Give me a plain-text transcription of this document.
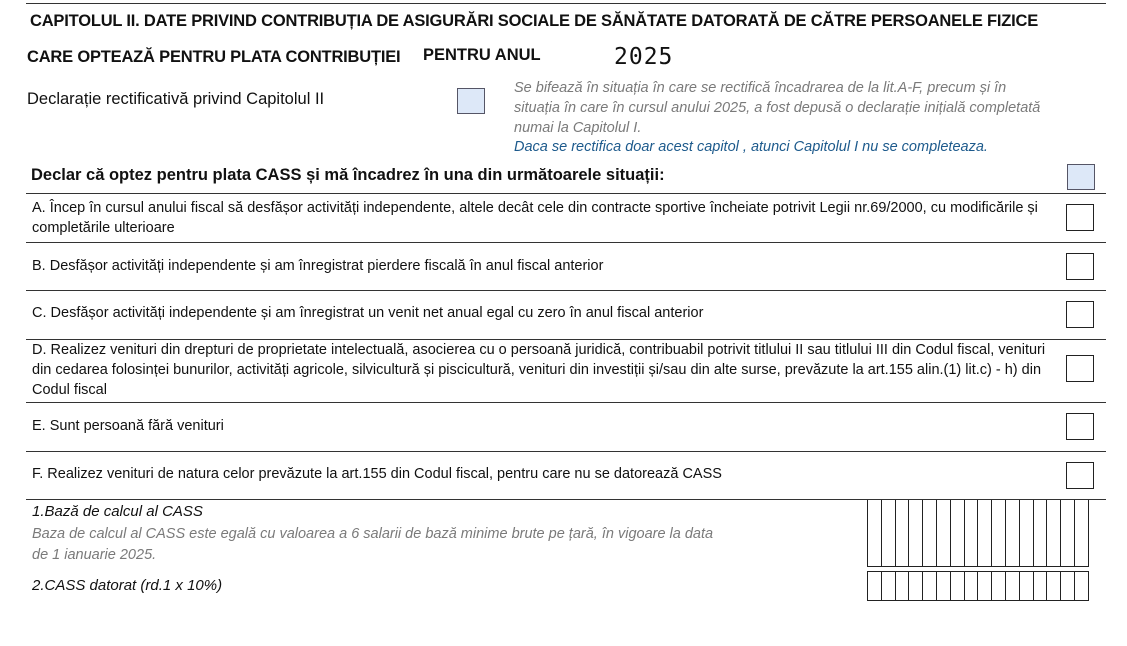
CAPITOLUL II. DATE PRIVIND CONTRIBUȚIA DE ASIGURĂRI SOCIALE DE SĂNĂTATE DATORATĂ DE CĂTRE PERSOANELE FIZICE
CARE OPTEAZĂ PENTRU PLATA CONTRIBUȚIEI PENTRU ANUL	2025
Declarație rectificativă privind Capitolul II
Se bifează în situația în care se rectifică încadrarea de la lit.A-F, precum și în situația în care în cursul anului 2025, a fost depusă o declarație inițială completată numai la Capitolul I.
Daca se rectifica doar acest capitol , atunci Capitolul I nu se completeaza.
Declar că optez pentru plata CASS și mă încadrez în una din următoarele situații:
A. Încep în cursul anului fiscal să desfășor activități independente, altele decât cele din contracte sportive încheiate potrivit Legii nr.69/2000, cu modificările și completările ulterioare
B. Desfășor activități independente și am înregistrat pierdere fiscală în anul fiscal anterior
C. Desfășor activități independente și am înregistrat un venit net anual egal cu zero în anul fiscal anterior
D. Realizez venituri din drepturi de proprietate intelectuală, asocierea cu o persoană juridică, contribuabil potrivit titlului II sau titlului III din Codul fiscal, venituri din cedarea folosinței bunurilor, activități agricole, silvicultură și piscicultură, venituri din investiții și/sau din alte surse, prevăzute la art.155 alin.(1) lit.c) - h) din Codul fiscal
E. Sunt persoană fără venituri
F. Realizez venituri de natura celor prevăzute la art.155 din Codul fiscal, pentru care nu se datorează CASS
1.Bază de calcul al CASS
Baza de calcul al CASS este egală cu valoarea a 6 salarii de bază minime brute pe țară, în vigoare la data de 1 ianuarie 2025.
2.CASS datorat (rd.1 x 10%)
